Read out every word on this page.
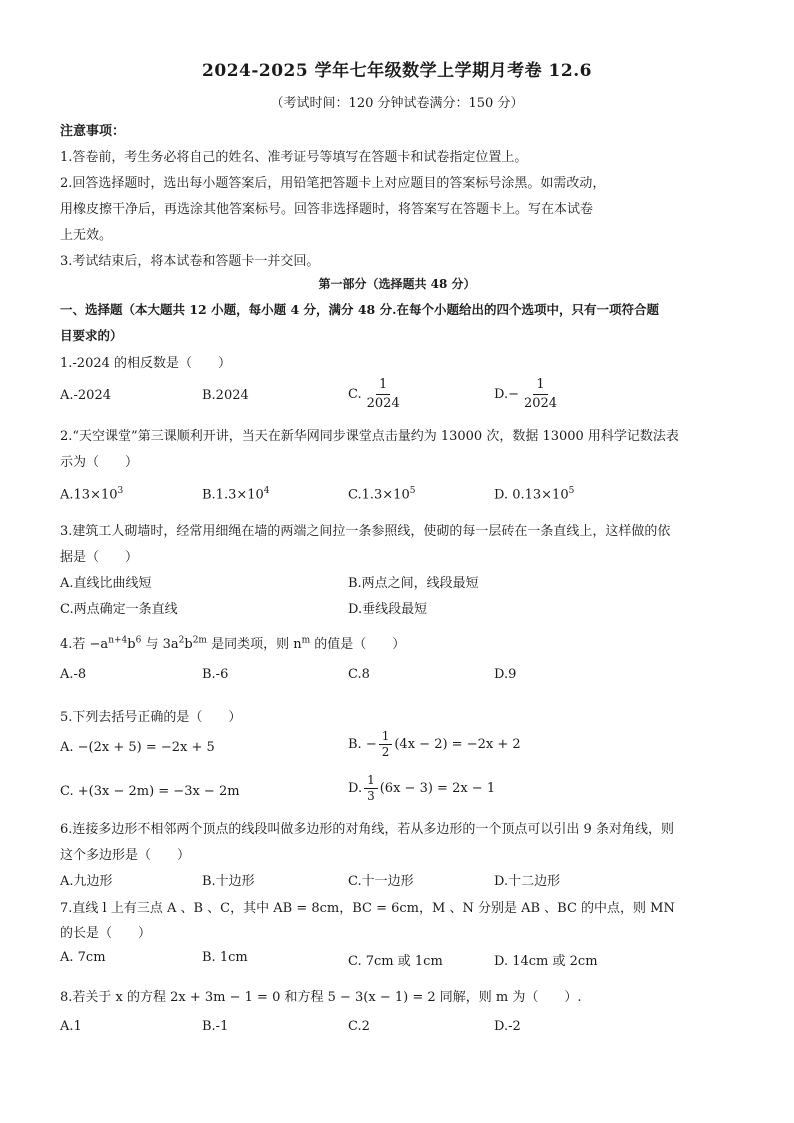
2024-2025 学年七年级数学上学期月考卷 12.6
（考试时间：120 分钟试卷满分：150 分）
注意事项：
1.答卷前，考生务必将自己的姓名、准考证号等填写在答题卡和试卷指定位置上。
2.回答选择题时，选出每小题答案后，用铅笔把答题卡上对应题目的答案标号涂黑。如需改动，
用橡皮擦干净后，再选涂其他答案标号。回答非选择题时，将答案写在答题卡上。写在本试卷
上无效。
3.考试结束后，将本试卷和答题卡一并交回。
第一部分（选择题共 48 分）
一、选择题（本大题共 12 小题，每小题 4 分，满分 48 分.在每个小题给出的四个选项中，只有一项符合题
目要求的）
1.-2024 的相反数是（　　）
A.-2024	B.2024	C. $\frac{1}{2024}$	$D.- \frac{1}{2024}$
2.“天空课堂”第三课顺利开讲，当天在新华网同步课堂点击量约为 13000 次，数据 13000 用科学记数法表
示为（　　）
$A.13\times 10^3$	$B.1.3\times 10^4$	$C.1.3\times 10^5$	D. $0.13\times 10^5$
3.建筑工人砌墙时，经常用细绳在墙的两端之间拉一条参照线，使砌的每一层砖在一条直线上，这样做的依
据是（　　）
A.直线比曲线短	B.两点之间，线段最短
C.两点确定一条直线	D.垂线段最短
4.若 $-a^{n+4}b^6$ 与 $3a^2b^{2m}$ 是同类项，则 $n^m$ 的值是（　　）
A.-8	B.-6	C.8	D.9
5.下列去括号正确的是（　　）
A. −(2x + 5) = −2x + 5	B. − $\frac{1}{2} (4x - 2) = -2x + 2$
C. +(3x − 2m) = −3x − 2m	D. $\frac{1}{3} (6x - 3) = 2x - 1$
6.连接多边形不相邻两个顶点的线段叫做多边形的对角线，若从多边形的一个顶点可以引出 9 条对角线，则
这个多边形是（　　）
A.九边形	B.十边形	C.十一边形	D.十二边形
7.直线 l 上有三点 A 、B 、C，其中 AB = 8cm，BC = 6cm，M 、N 分别是 AB 、BC 的中点，则 MN
的长是（　　）
A. 7cm	B. 1cm	C. 7cm 或 1cm	D. 14cm 或 2cm
8.若关于 x 的方程 2x + 3m − 1 = 0 和方程 5 − 3(x − 1) = 2 同解，则 m 为（　　）.
A.1	B.-1	C.2	D.-2
